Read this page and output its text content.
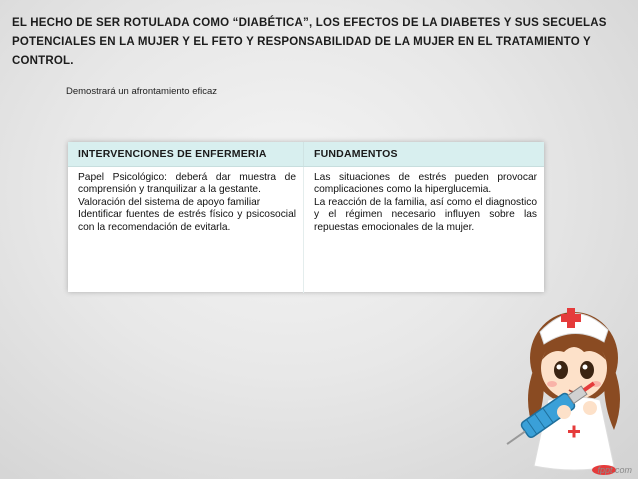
EL HECHO DE SER ROTULADA COMO “DIABÉTICA”, LOS EFECTOS DE LA DIABETES Y SUS SECUELAS POTENCIALES EN LA MUJER Y EL FETO Y RESPONSABILIDAD DE LA MUJER EN EL TRATAMIENTO Y CONTROL.
Demostrará un afrontamiento eficaz
INTERVENCIONES DE ENFERMERIA	FUNDAMENTOS

Papel Psicológico: deberá dar muestra de comprensión y tranquilizar a la gestante.

Valoración del sistema de apoyo familiar

Identificar fuentes de estrés físico y psicosocial con la recomendación de evitarla.

Las situaciones de estrés pueden provocar complicaciones como la hiperglucemia.

La reacción de la familia, así como el diagnostico y el régimen necesario influyen sobre las repuestas emocionales de la mujer.

fppt.com
